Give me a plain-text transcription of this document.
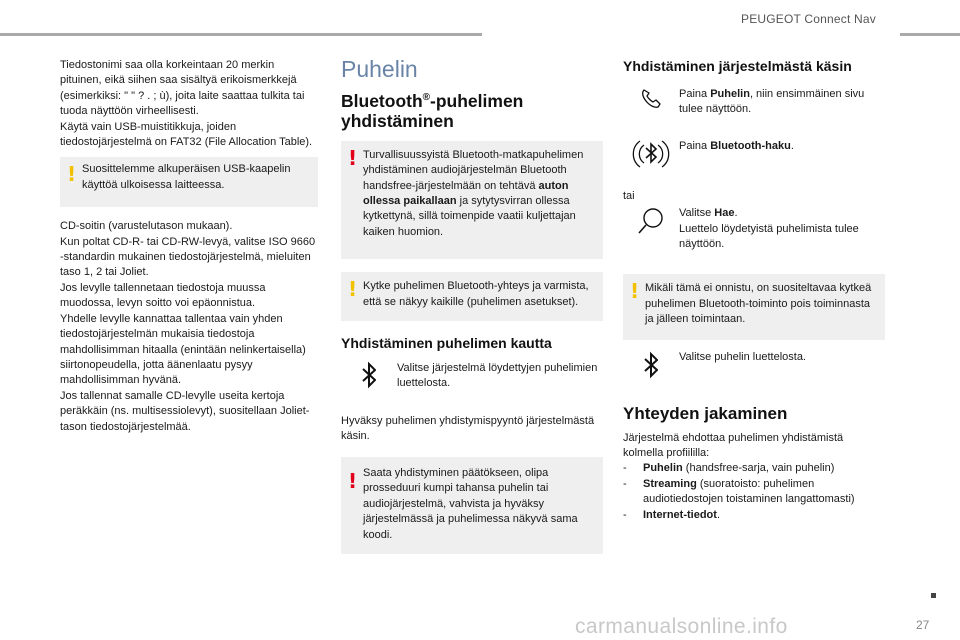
PEUGEOT Connect Nav

Tiedostonimi saa olla korkeintaan 20 merkin pituinen, eikä siihen saa sisältyä erikoismerkkejä (esimerkiksi: " " ? . ; ù), joita laite saattaa tulkita tai tuoda näyttöön virheellisesti.

Käytä vain USB-muistitikkuja, joiden tiedostojärjestelmä on FAT32 (File Allocation Table).

! Suosittelemme alkuperäisen USB-kaapelin käyttöä ulkoisessa laitteessa.

CD-soitin (varustelutason mukaan).

Kun poltat CD-R- tai CD-RW-levyä, valitse ISO 9660 -standardin mukainen tiedostojärjestelmä, mieluiten taso 1, 2 tai Joliet.

Jos levylle tallennetaan tiedostoja muussa muodossa, levyn soitto voi epäonnistua.

Yhdelle levylle kannattaa tallentaa vain yhden tiedostojärjestelmän mukaisia tiedostoja mahdollisimman hitaalla (enintään nelinkertaisella) siirtonopeudella, jotta äänenlaatu pysyy mahdollisimman hyvänä.

Jos tallennat samalle CD-levylle useita kertoja peräkkäin (ns. multisessiolevyt), suositellaan Joliet-tason tiedostojärjestelmää.

Puhelin
Bluetooth®-puhelimen yhdistäminen
! Turvallisuussyistä Bluetooth-matkapuhelimen yhdistäminen audiojärjestelmän Bluetooth handsfree-järjestelmään on tehtävä auton ollessa paikallaan ja sytytysvirran ollessa kytkettynä, sillä toimenpide vaatii kuljettajan kaiken huomion.

! Kytke puhelimen Bluetooth-yhteys ja varmista, että se näkyy kaikille (puhelimen asetukset).

Yhdistäminen puhelimen kautta

Valitse järjestelmä löydettyjen puhelimien luettelosta.

Hyväksy puhelimen yhdistymispyyntö järjestelmästä käsin.

! Saata yhdistyminen päätökseen, olipa prosseduuri kumpi tahansa puhelin tai audiojärjestelmä, vahvista ja hyväksy järjestelmässä ja puhelimessa näkyvä sama koodi.

Yhdistäminen järjestelmästä käsin

Paina Puhelin, niin ensimmäinen sivu tulee näyttöön.

Paina Bluetooth-haku.

tai

Valitse Hae.

Luettelo löydetyistä puhelimista tulee näyttöön.

! Mikäli tämä ei onnistu, on suositeltavaa kytkeä puhelimen Bluetooth-toiminto pois toiminnasta ja jälleen toimintaan.

Valitse puhelin luettelosta.

Yhteyden jakaminen

Järjestelmä ehdottaa puhelimen yhdistämistä kolmella profiililla:

- Puhelin (handsfree-sarja, vain puhelin)
- Streaming (suoratoisto: puhelimen audiotiedostojen toistaminen langattomasti)
- Internet-tiedot.
carmanualsonline.info	27
